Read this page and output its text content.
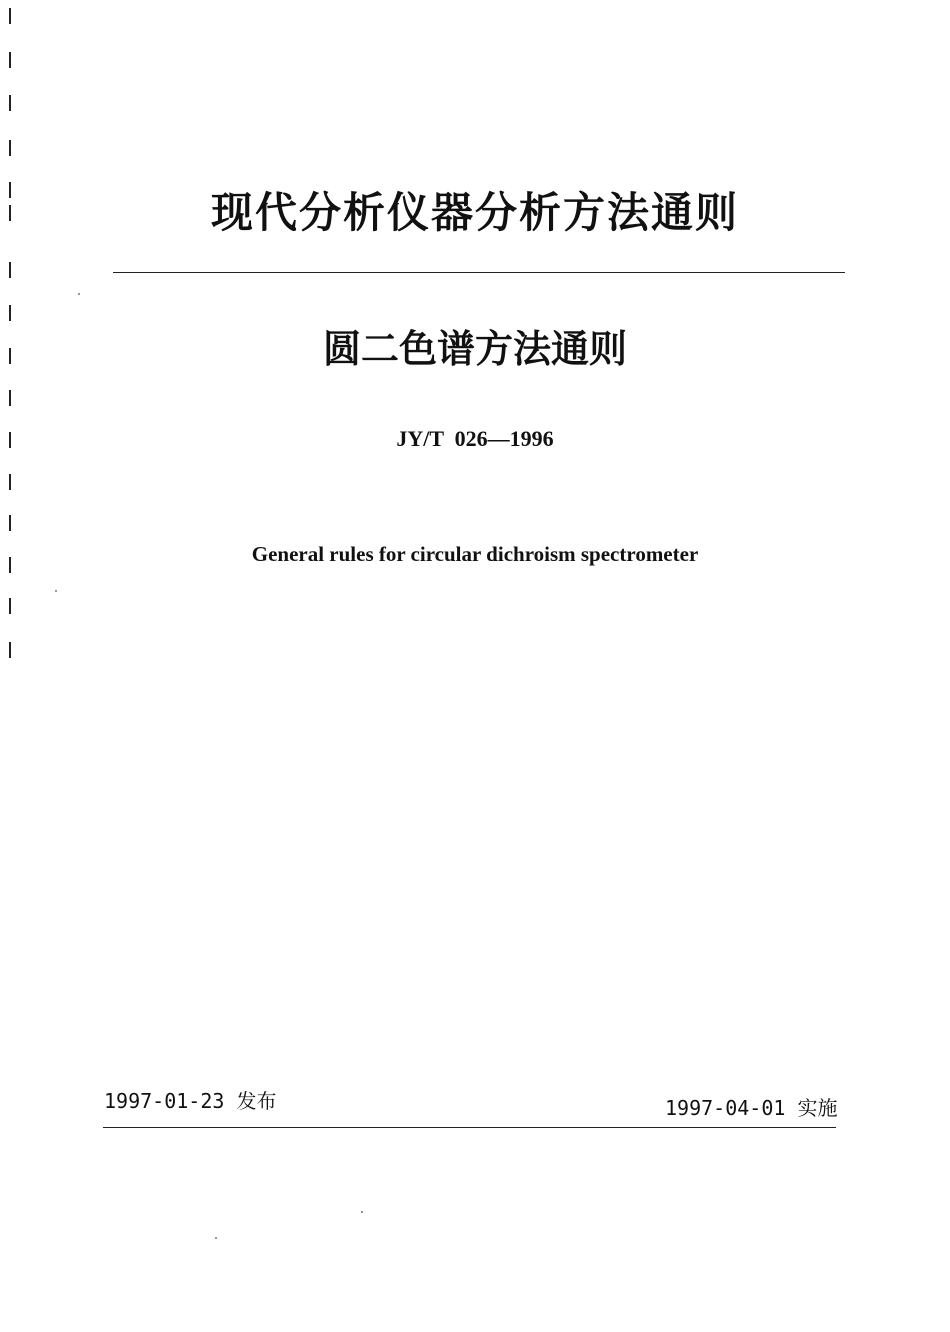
现代分析仪器分析方法通则
圆二色谱方法通则
JY/T  026—1996
General rules for circular dichroism spectrometer
1997-01-23 发布	1997-04-01 实施
